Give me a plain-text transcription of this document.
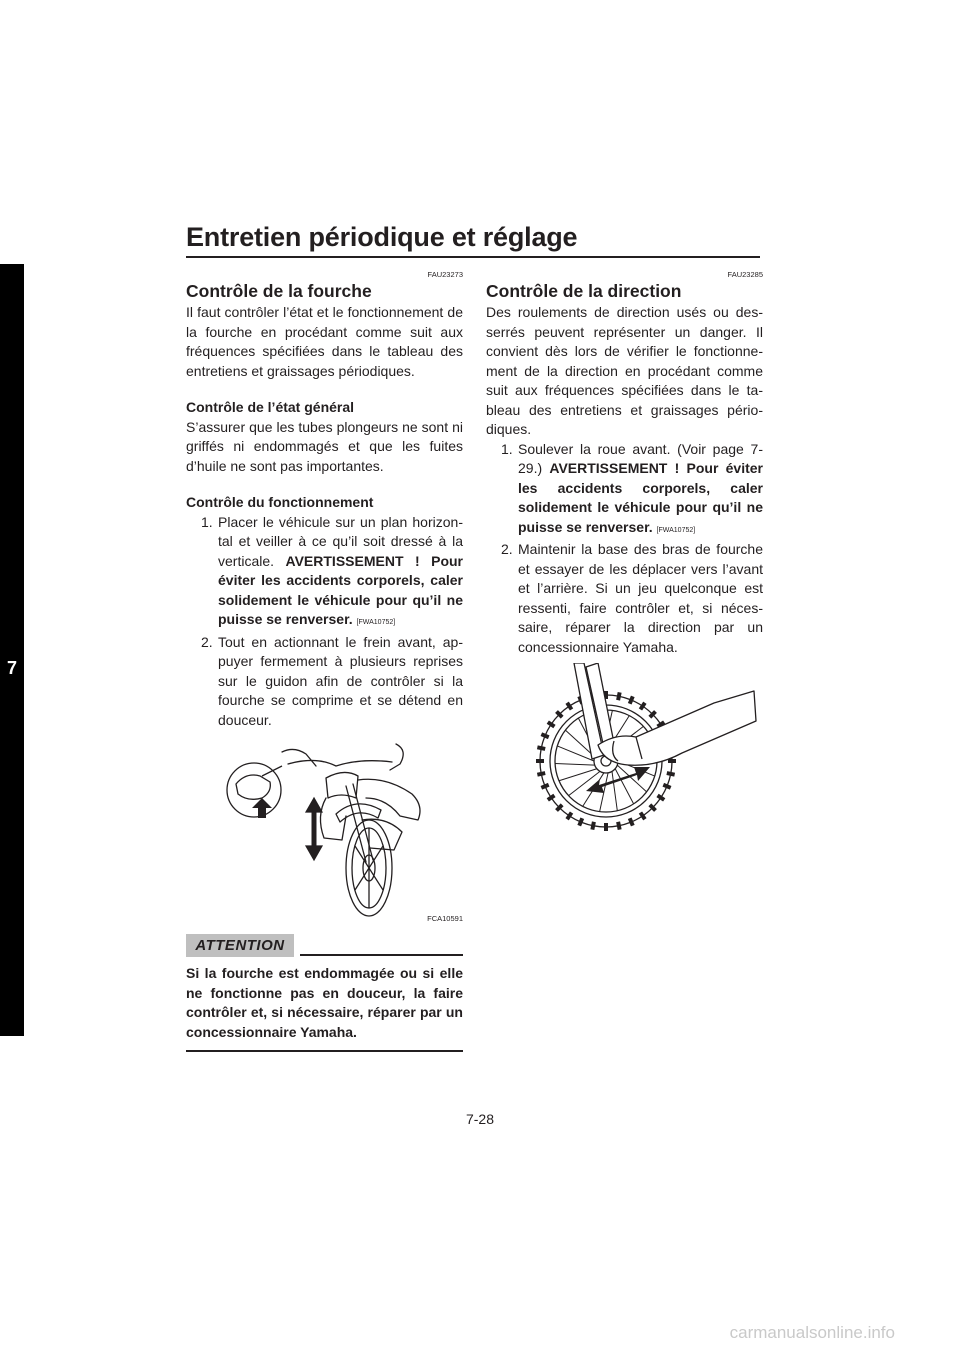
Entretien périodique et réglage
7
FAU23273
Contrôle de la fourche

Il faut contrôler l’état et le fonctionnement de la fourche en procédant comme suit aux fréquences spécifiées dans le tableau des entretiens et graissages périodiques.

Contrôle de l’état général

S’assurer que les tubes plongeurs ne sont ni griffés ni endommagés et que les fuites d’huile ne sont pas importantes.

Contrôle du fonctionnement

1. Placer le véhicule sur un plan horizontal et veiller à ce qu’il soit dressé à la verticale. AVERTISSEMENT ! Pour éviter les accidents corporels, caler solidement le véhicule pour qu’il ne puisse se renverser. [FWA10752]
2. Tout en actionnant le frein avant, appuyer fermement à plusieurs reprises sur le guidon afin de contrôler si la fourche se comprime et se détend en douceur.
FCA10591
ATTENTION

Si la fourche est endommagée ou si elle ne fonctionne pas en douceur, la faire contrôler et, si nécessaire, réparer par un concessionnaire Yamaha.

FAU23285
Contrôle de la direction

Des roulements de direction usés ou desserrés peuvent représenter un danger. Il convient dès lors de vérifier le fonctionnement de la direction en procédant comme suit aux fréquences spécifiées dans le tableau des entretiens et graissages périodiques.

1. Soulever la roue avant. (Voir page 7-29.) AVERTISSEMENT ! Pour éviter les accidents corporels, caler solidement le véhicule pour qu’il ne puisse se renverser. [FWA10752]
2. Maintenir la base des bras de fourche et essayer de les déplacer vers l’avant et l’arrière. Si un jeu quelconque est ressenti, faire contrôler et, si nécessaire, réparer la direction par un concessionnaire Yamaha.
7-28
carmanualsonline.info
